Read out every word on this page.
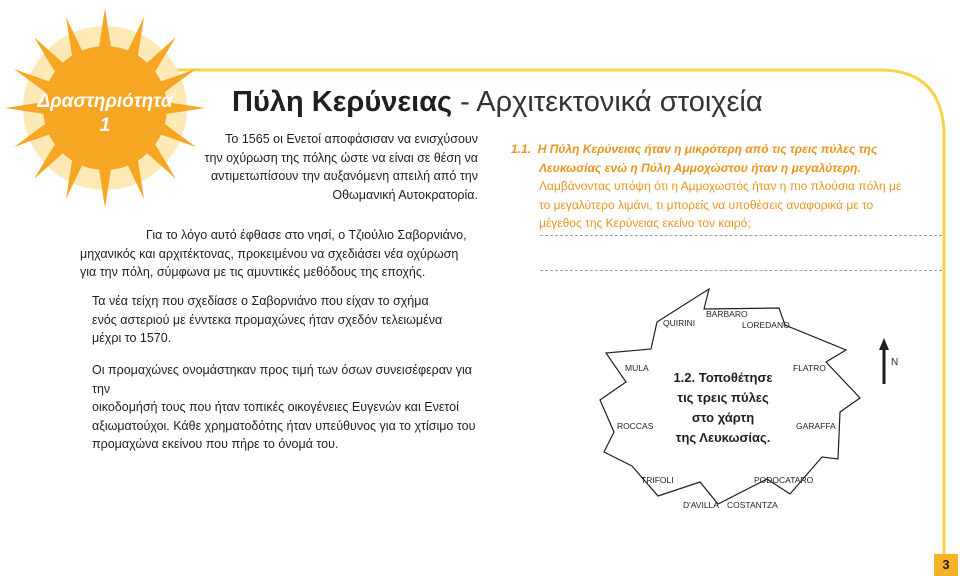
Δραστηριότητα
1
Πύλη Κερύνειας - Αρχιτεκτονικά στοιχεία
Το 1565 οι Ενετοί αποφάσισαν να ενισχύσουν
την οχύρωση της πόλης ώστε να είναι σε θέση να
αντιμετωπίσουν την αυξανόμενη απειλή από την
Οθωμανική Αυτοκρατορία.
Για το λόγο αυτό έφθασε στο νησί, ο Τζιούλιο Σαβορνιάνο,
μηχανικός και αρχιτέκτονας, προκειμένου να σχεδιάσει νέα οχύρωση
για την πόλη, σύμφωνα με τις αμυντικές μεθόδους της εποχής.
Τα νέα τείχη που σχεδίασε ο Σαβορνιάνο που είχαν το σχήμα
ενός αστεριού με ένντεκα προμαχώνες ήταν σχεδόν τελειωμένα
μέχρι το 1570.
Οι προμαχώνες ονομάστηκαν προς τιμή των όσων συνεισέφεραν για την
οικοδομήσή τους που ήταν τοπικές οικογένειες Ευγενών και Ενετοί
αξιωματούχοι. Κάθε χρηματοδότης ήταν υπεύθυνος για το χτίσιμο του
προμαχώνα εκείνου που πήρε το όνομά του.
1.1. Η Πύλη Κερύνειας ήταν η μικρότερη από τις τρεις πύλες της
Λευκωσίας ενώ η Πύλη Αμμοχώστου ήταν η μεγαλύτερη.
Λαμβάνοντας υπόψη ότι η Αμμοχωστός ήταν η πιο πλούσια πόλη με
το μεγαλύτερο λιμάνι, τι μπορείς να υποθέσεις αναφορικά με το
μέγεθος της Κερύνειας εκείνο τον καιρό;
QUIRINI
BARBARO
LOREDANO
MULA
ROCCAS
FLATRO
GARAFFA
TRIFOLI	PODOCATARO
D'AVILLA COSTANTZA
1.2. Τοποθέτησε
τις τρεις πύλες
στο χάρτη
της Λευκωσίας.
N
3
